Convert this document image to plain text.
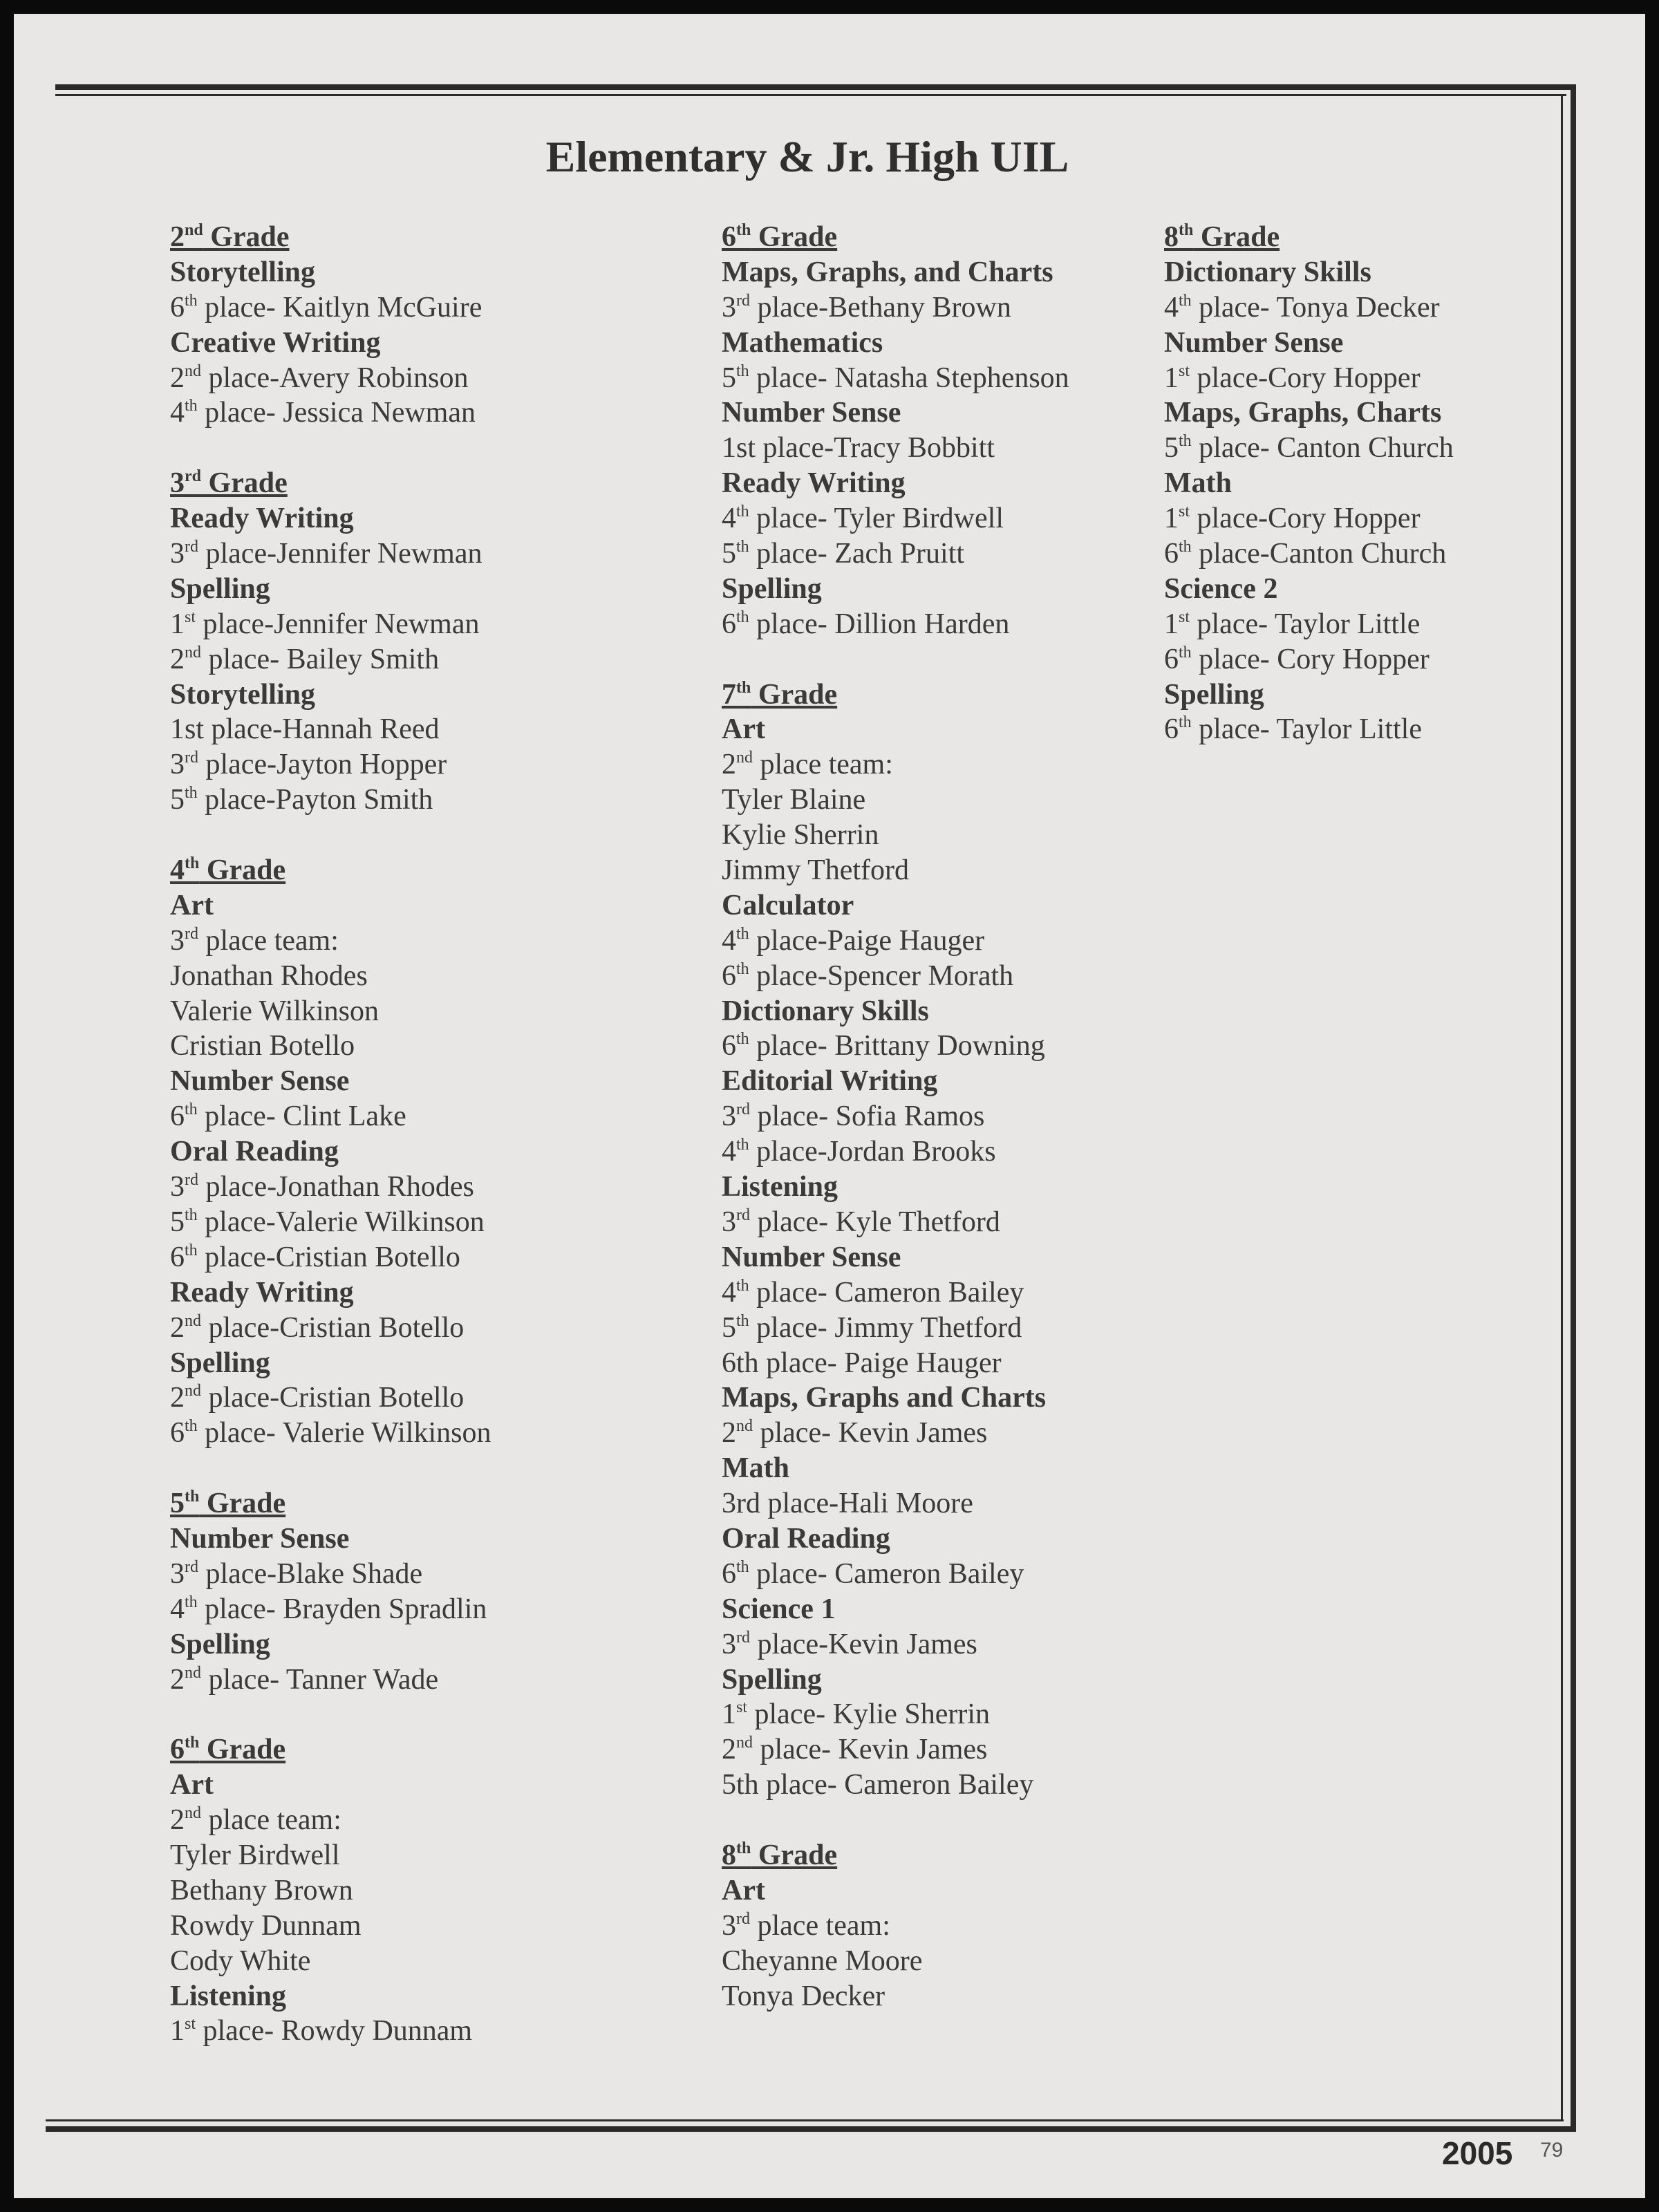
Elementary & Jr. High UIL
2nd Grade
Storytelling
6th place- Kaitlyn McGuire
Creative Writing
2nd place-Avery Robinson
4th place- Jessica Newman
3rd Grade
Ready Writing
3rd place-Jennifer Newman
Spelling
1st place-Jennifer Newman
2nd place- Bailey Smith
Storytelling
1st place-Hannah Reed
3rd place-Jayton Hopper
5th place-Payton Smith
4th Grade
Art
3rd place team:
Jonathan Rhodes
Valerie Wilkinson
Cristian Botello
Number Sense
6th place- Clint Lake
Oral Reading
3rd place-Jonathan Rhodes
5th place-Valerie Wilkinson
6th place-Cristian Botello
Ready Writing
2nd place-Cristian Botello
Spelling
2nd place-Cristian Botello
6th place- Valerie Wilkinson
5th Grade
Number Sense
3rd place-Blake Shade
4th place- Brayden Spradlin
Spelling
2nd place- Tanner Wade
6th Grade
Art
2nd place team:
Tyler Birdwell
Bethany Brown
Rowdy Dunnam
Cody White
Listening
1st place- Rowdy Dunnam
6th Grade
Maps, Graphs, and Charts
3rd place-Bethany Brown
Mathematics
5th place- Natasha Stephenson
Number Sense
1st place-Tracy Bobbitt
Ready Writing
4th place- Tyler Birdwell
5th place- Zach Pruitt
Spelling
6th place- Dillion Harden
7th Grade
Art
2nd place team:
Tyler Blaine
Kylie Sherrin
Jimmy Thetford
Calculator
4th place-Paige Hauger
6th place-Spencer Morath
Dictionary Skills
6th place- Brittany Downing
Editorial Writing
3rd place- Sofia Ramos
4th place-Jordan Brooks
Listening
3rd place- Kyle Thetford
Number Sense
4th place- Cameron Bailey
5th place- Jimmy Thetford
6th place- Paige Hauger
Maps, Graphs and Charts
2nd place- Kevin James
Math
3rd place-Hali Moore
Oral Reading
6th place- Cameron Bailey
Science 1
3rd place-Kevin James
Spelling
1st place- Kylie Sherrin
2nd place- Kevin James
5th place- Cameron Bailey
8th Grade
Art
3rd place team:
Cheyanne Moore
Tonya Decker
8th Grade
Dictionary Skills
4th place- Tonya Decker
Number Sense
1st place-Cory Hopper
Maps, Graphs, Charts
5th place- Canton Church
Math
1st place-Cory Hopper
6th place-Canton Church
Science 2
1st place- Taylor Little
6th place- Cory Hopper
Spelling
6th place- Taylor Little
2005 79
